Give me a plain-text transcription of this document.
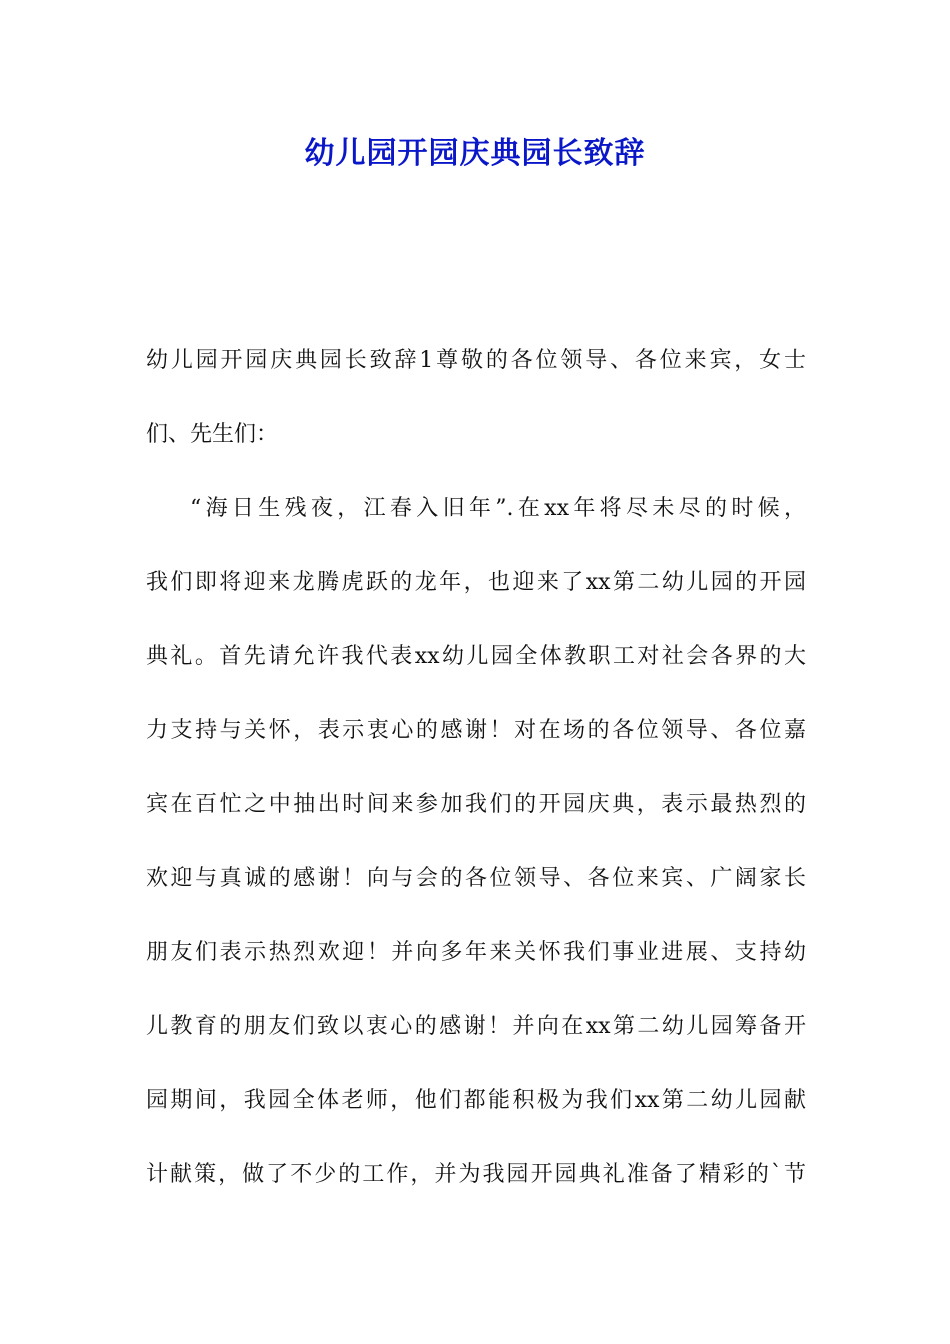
幼儿园开园庆典园长致辞
幼儿园开园庆典园长致辞1尊敬的各位领导、各位来宾，女士
们、先生们：
“海日生残夜，江春入旧年”.在xx年将尽未尽的时候，
我们即将迎来龙腾虎跃的龙年，也迎来了xx第二幼儿园的开园
典礼。首先请允许我代表xx幼儿园全体教职工对社会各界的大
力支持与关怀，表示衷心的感谢！对在场的各位领导、各位嘉
宾在百忙之中抽出时间来参加我们的开园庆典，表示最热烈的
欢迎与真诚的感谢！向与会的各位领导、各位来宾、广阔家长
朋友们表示热烈欢迎！并向多年来关怀我们事业进展、支持幼
儿教育的朋友们致以衷心的感谢！并向在xx第二幼儿园筹备开
园期间，我园全体老师，他们都能积极为我们xx第二幼儿园献
计献策，做了不少的工作，并为我园开园典礼准备了精彩的`节
